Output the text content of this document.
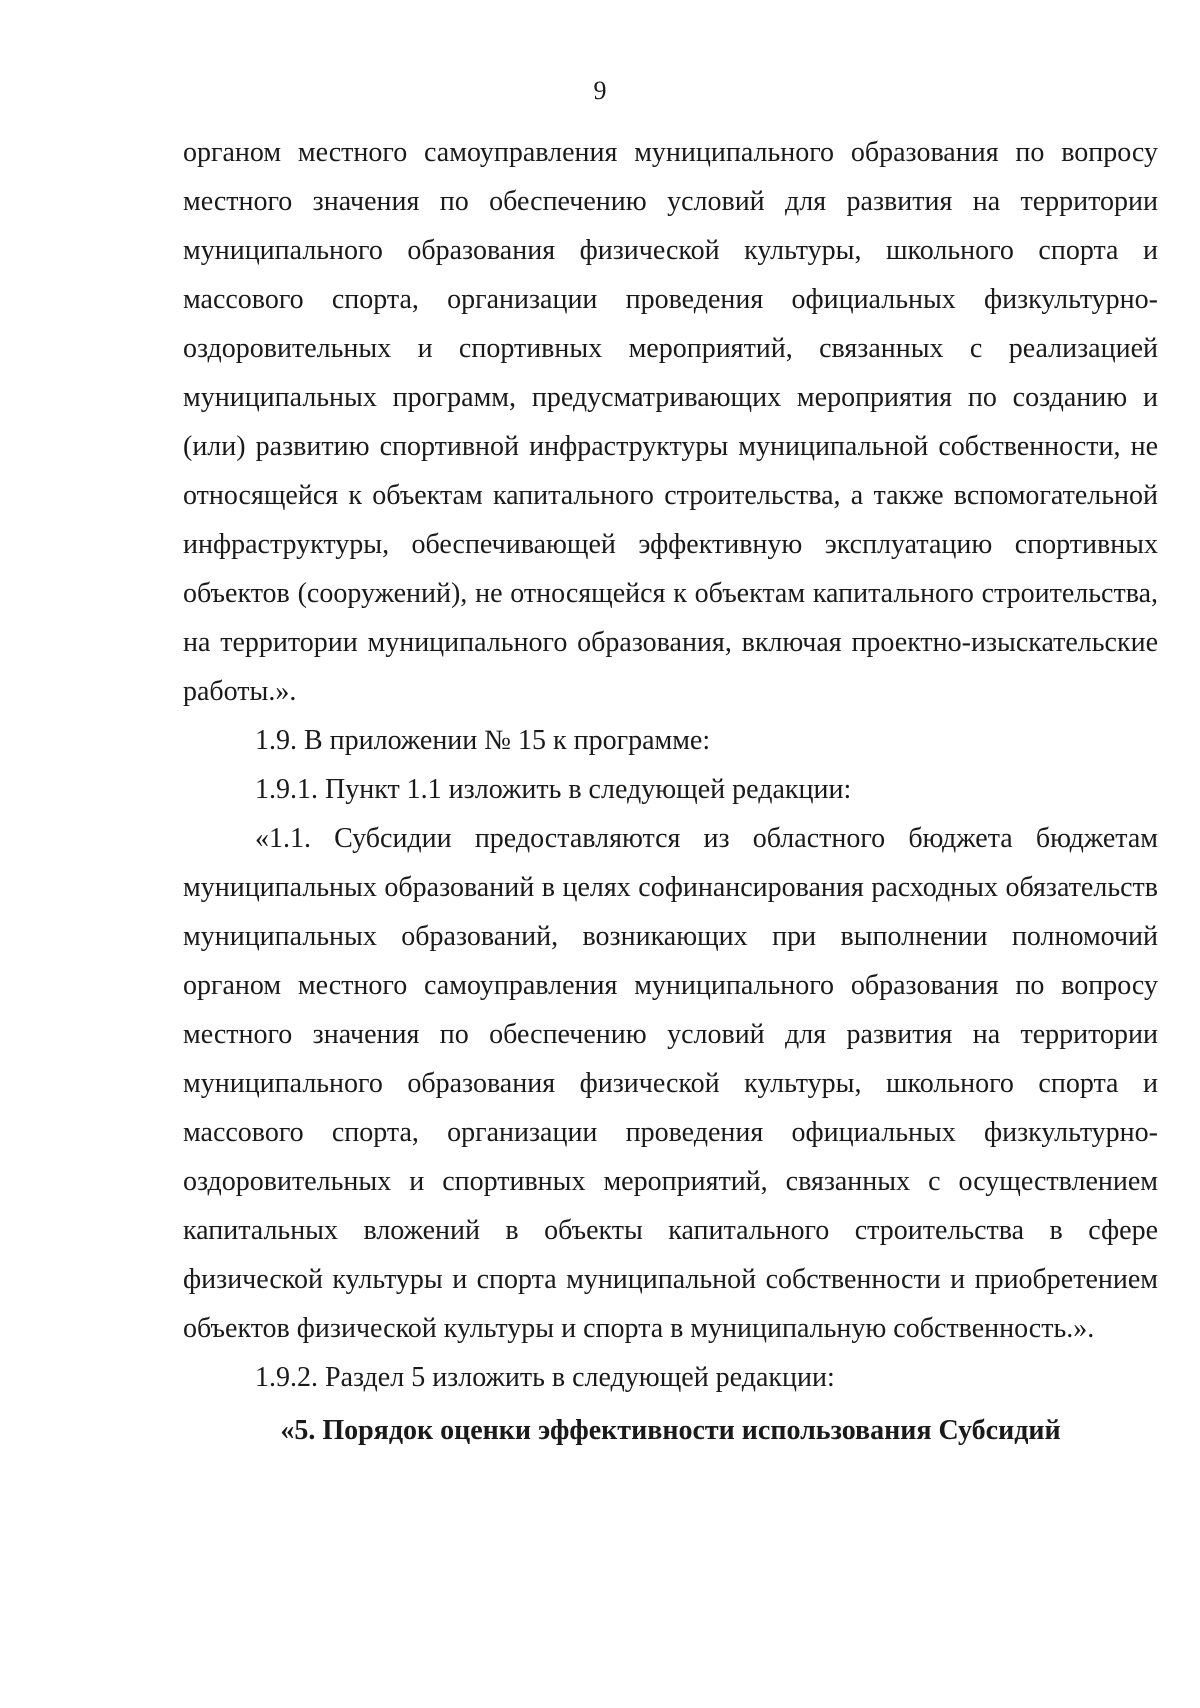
9

органом местного самоуправления муниципального образования по вопросу местного значения по обеспечению условий для развития на территории муниципального образования физической культуры, школьного спорта и массового спорта, организации проведения официальных физкультурно-оздоровительных и спортивных мероприятий, связанных с реализацией муниципальных программ, предусматривающих мероприятия по созданию и (или) развитию спортивной инфраструктуры муниципальной собственности, не относящейся к объектам капитального строительства, а также вспомогательной инфраструктуры, обеспечивающей эффективную эксплуатацию спортивных объектов (сооружений), не относящейся к объектам капитального строительства, на территории муниципального образования, включая проектно-изыскательские работы.».

1.9. В приложении № 15 к программе:

1.9.1. Пункт 1.1 изложить в следующей редакции:

«1.1. Субсидии предоставляются из областного бюджета бюджетам муниципальных образований в целях софинансирования расходных обязательств муниципальных образований, возникающих при выполнении полномочий органом местного самоуправления муниципального образования по вопросу местного значения по обеспечению условий для развития на территории муниципального образования физической культуры, школьного спорта и массового спорта, организации проведения официальных физкультурно-оздоровительных и спортивных мероприятий, связанных с осуществлением капитальных вложений в объекты капитального строительства в сфере физической культуры и спорта муниципальной собственности и приобретением объектов физической культуры и спорта в муниципальную собственность.».

1.9.2. Раздел 5 изложить в следующей редакции:

«5. Порядок оценки эффективности использования Субсидий
